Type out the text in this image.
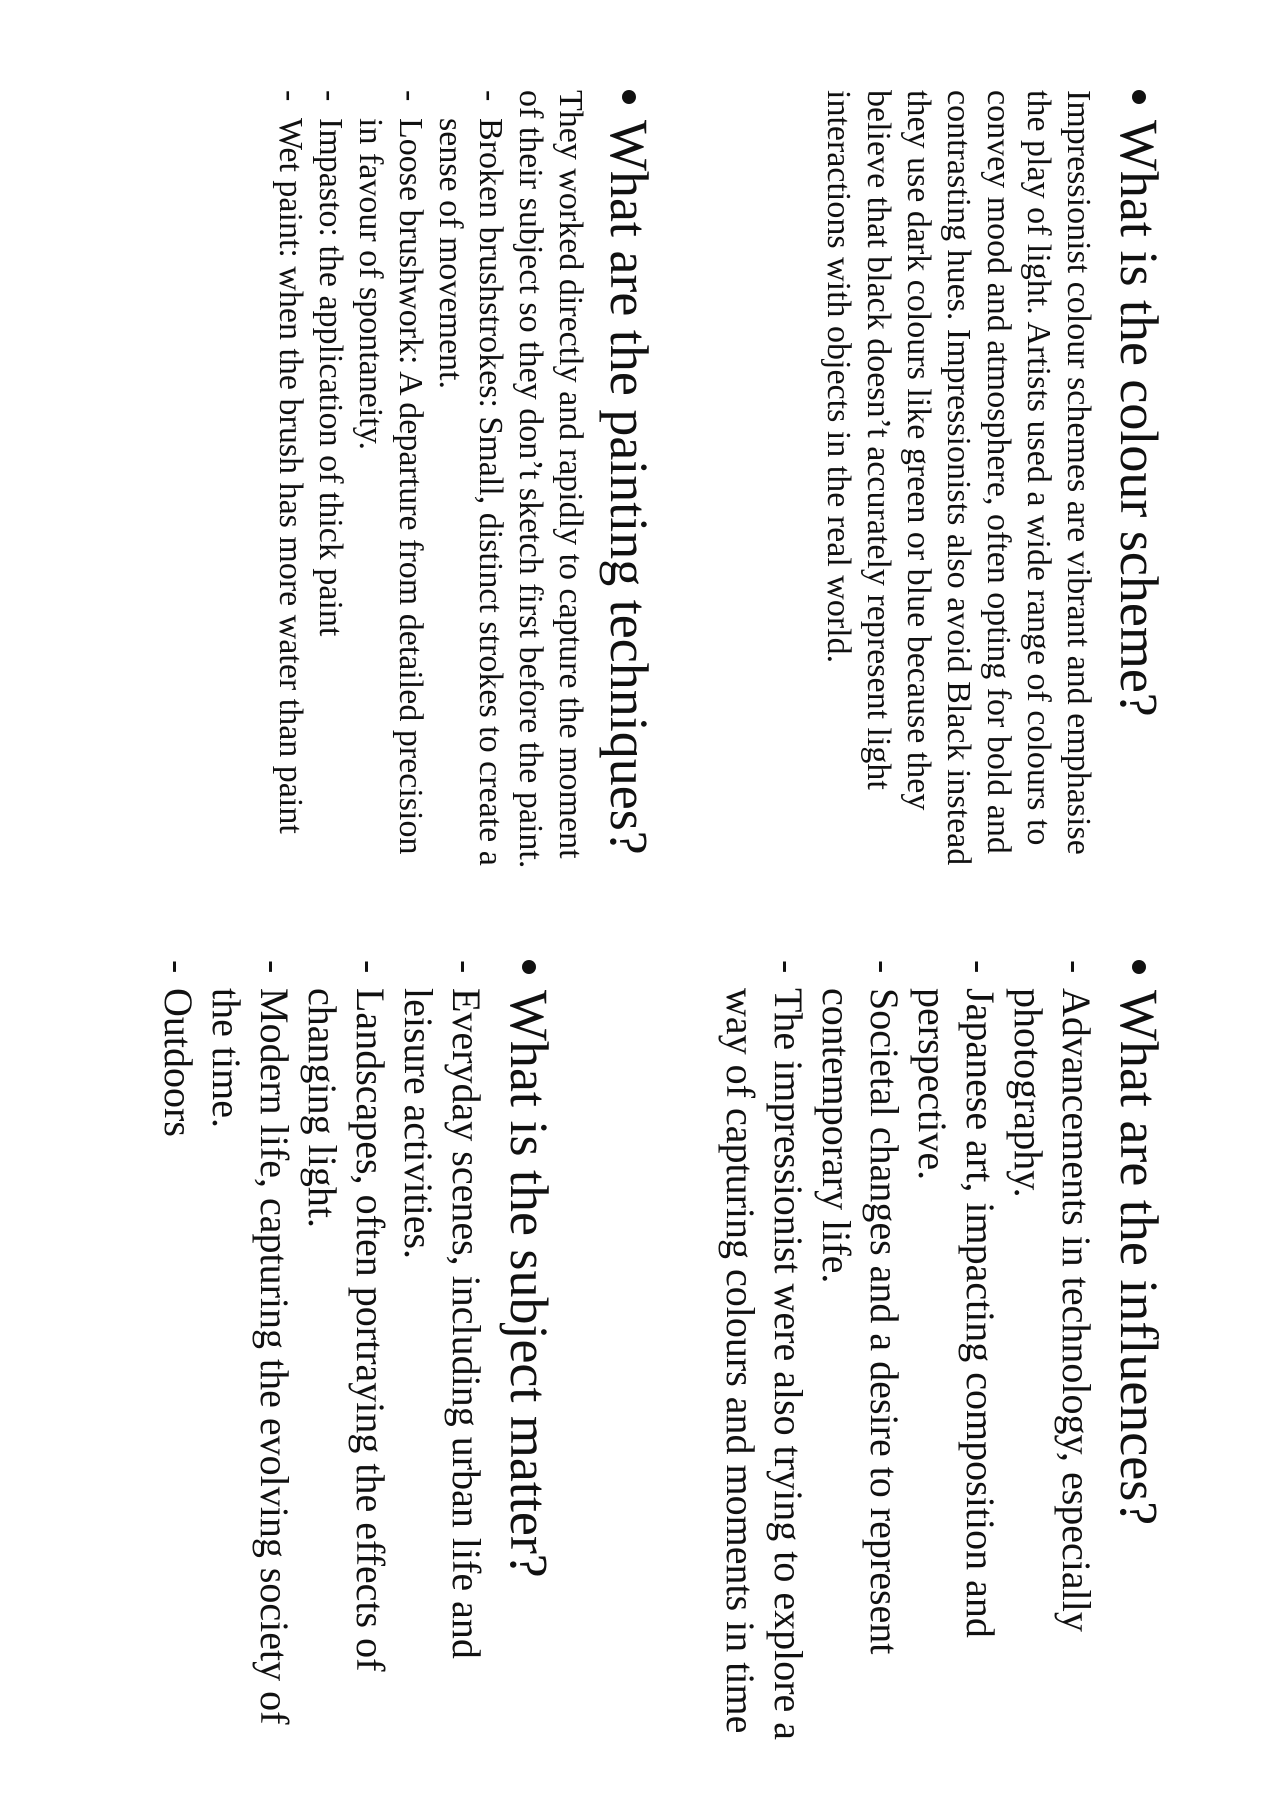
What is the colour scheme?

Impressionist colour schemes are vibrant and emphasise the play of light. Artists used a wide range of colours to convey mood and atmosphere, often opting for bold and contrasting hues. Impressionists also avoid Black instead they use dark colours like green or blue because they believe that black doesn’t accurately represent light interactions with objects in the real world.

What are the painting techniques?

They worked directly and rapidly to capture the moment of their subject so they don’t sketch first before the paint.

- Broken brushstrokes: Small, distinct strokes to create a sense of movement.
- Loose brushwork: A departure from detailed precision in favour of spontaneity.
- Impasto: the application of thick paint
- Wet paint: when the brush has more water than paint
What are the influences?
- Advancements in technology, especially photography.
- Japanese art, impacting composition and perspective.
- Societal changes and a desire to represent contemporary life.
- The impressionist were also trying to explore a way of capturing colours and moments in time
What is the subject matter?
- Everyday scenes, including urban life and leisure activities.
- Landscapes, often portraying the effects of changing light.
- Modern life, capturing the evolving society of the time.
- Outdoors
